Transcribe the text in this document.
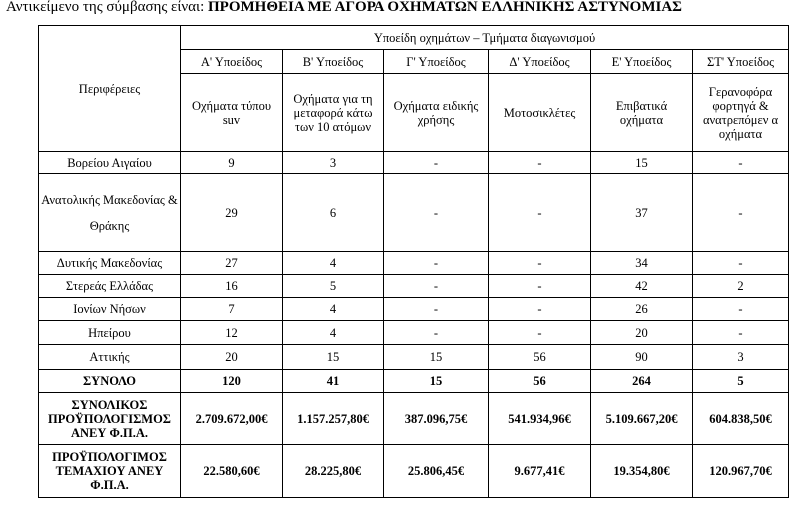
Αντικείμενο της σύμβασης είναι: ΠΡΟΜΗΘΕΙΑ ΜΕ ΑΓΟΡΑ ΟΧΗΜΑΤΩΝ ΕΛΛΗΝΙΚΗΣ ΑΣΤΥΝΟΜΙΑΣ
Περιφέρειες	Υποείδη οχημάτων – Τμήματα διαγωνισμού					
	Α' Υποείδος	Β' Υποείδος	Γ' Υποείδος	Δ' Υποείδος	Ε' Υποείδος	ΣΤ' Υποείδος
	Οχήματα τύπου suv	Οχήματα για τη μεταφορά κάτω των 10 ατόμων	Οχήματα ειδικής χρήσης	Μοτοσικλέτες	Επιβατικά οχήματα	Γερανοφόρα φορτηγά & ανατρεπόμεν α οχήματα
Βορείου Αιγαίου	9	3	-	-	15	-
Ανατολικής Μακεδονίας & Θράκης	29	6	-	-	37	-
Δυτικής Μακεδονίας	27	4	-	-	34	-
Στερεάς Ελλάδας	16	5	-	-	42	2
Ιονίων Νήσων	7	4	-	-	26	-
Ηπείρου	12	4	-	-	20	-
Αττικής	20	15	15	56	90	3
ΣΥΝΟΛΟ	120	41	15	56	264	5
ΣΥΝΟΛΙΚΟΣ ΠΡΟΫΠΟΛΟΓΙΣΜΟΣ ΑΝΕΥ Φ.Π.Α.	2.709.672,00€	1.157.257,80€	387.096,75€	541.934,96€	5.109.667,20€	604.838,50€
ΠΡΟΫΠΟΛΟΓΙΜΟΣ ΤΕΜΑΧΙΟΥ ΑΝΕΥ Φ.Π.Α.	22.580,60€	28.225,80€	25.806,45€	9.677,41€	19.354,80€	120.967,70€
